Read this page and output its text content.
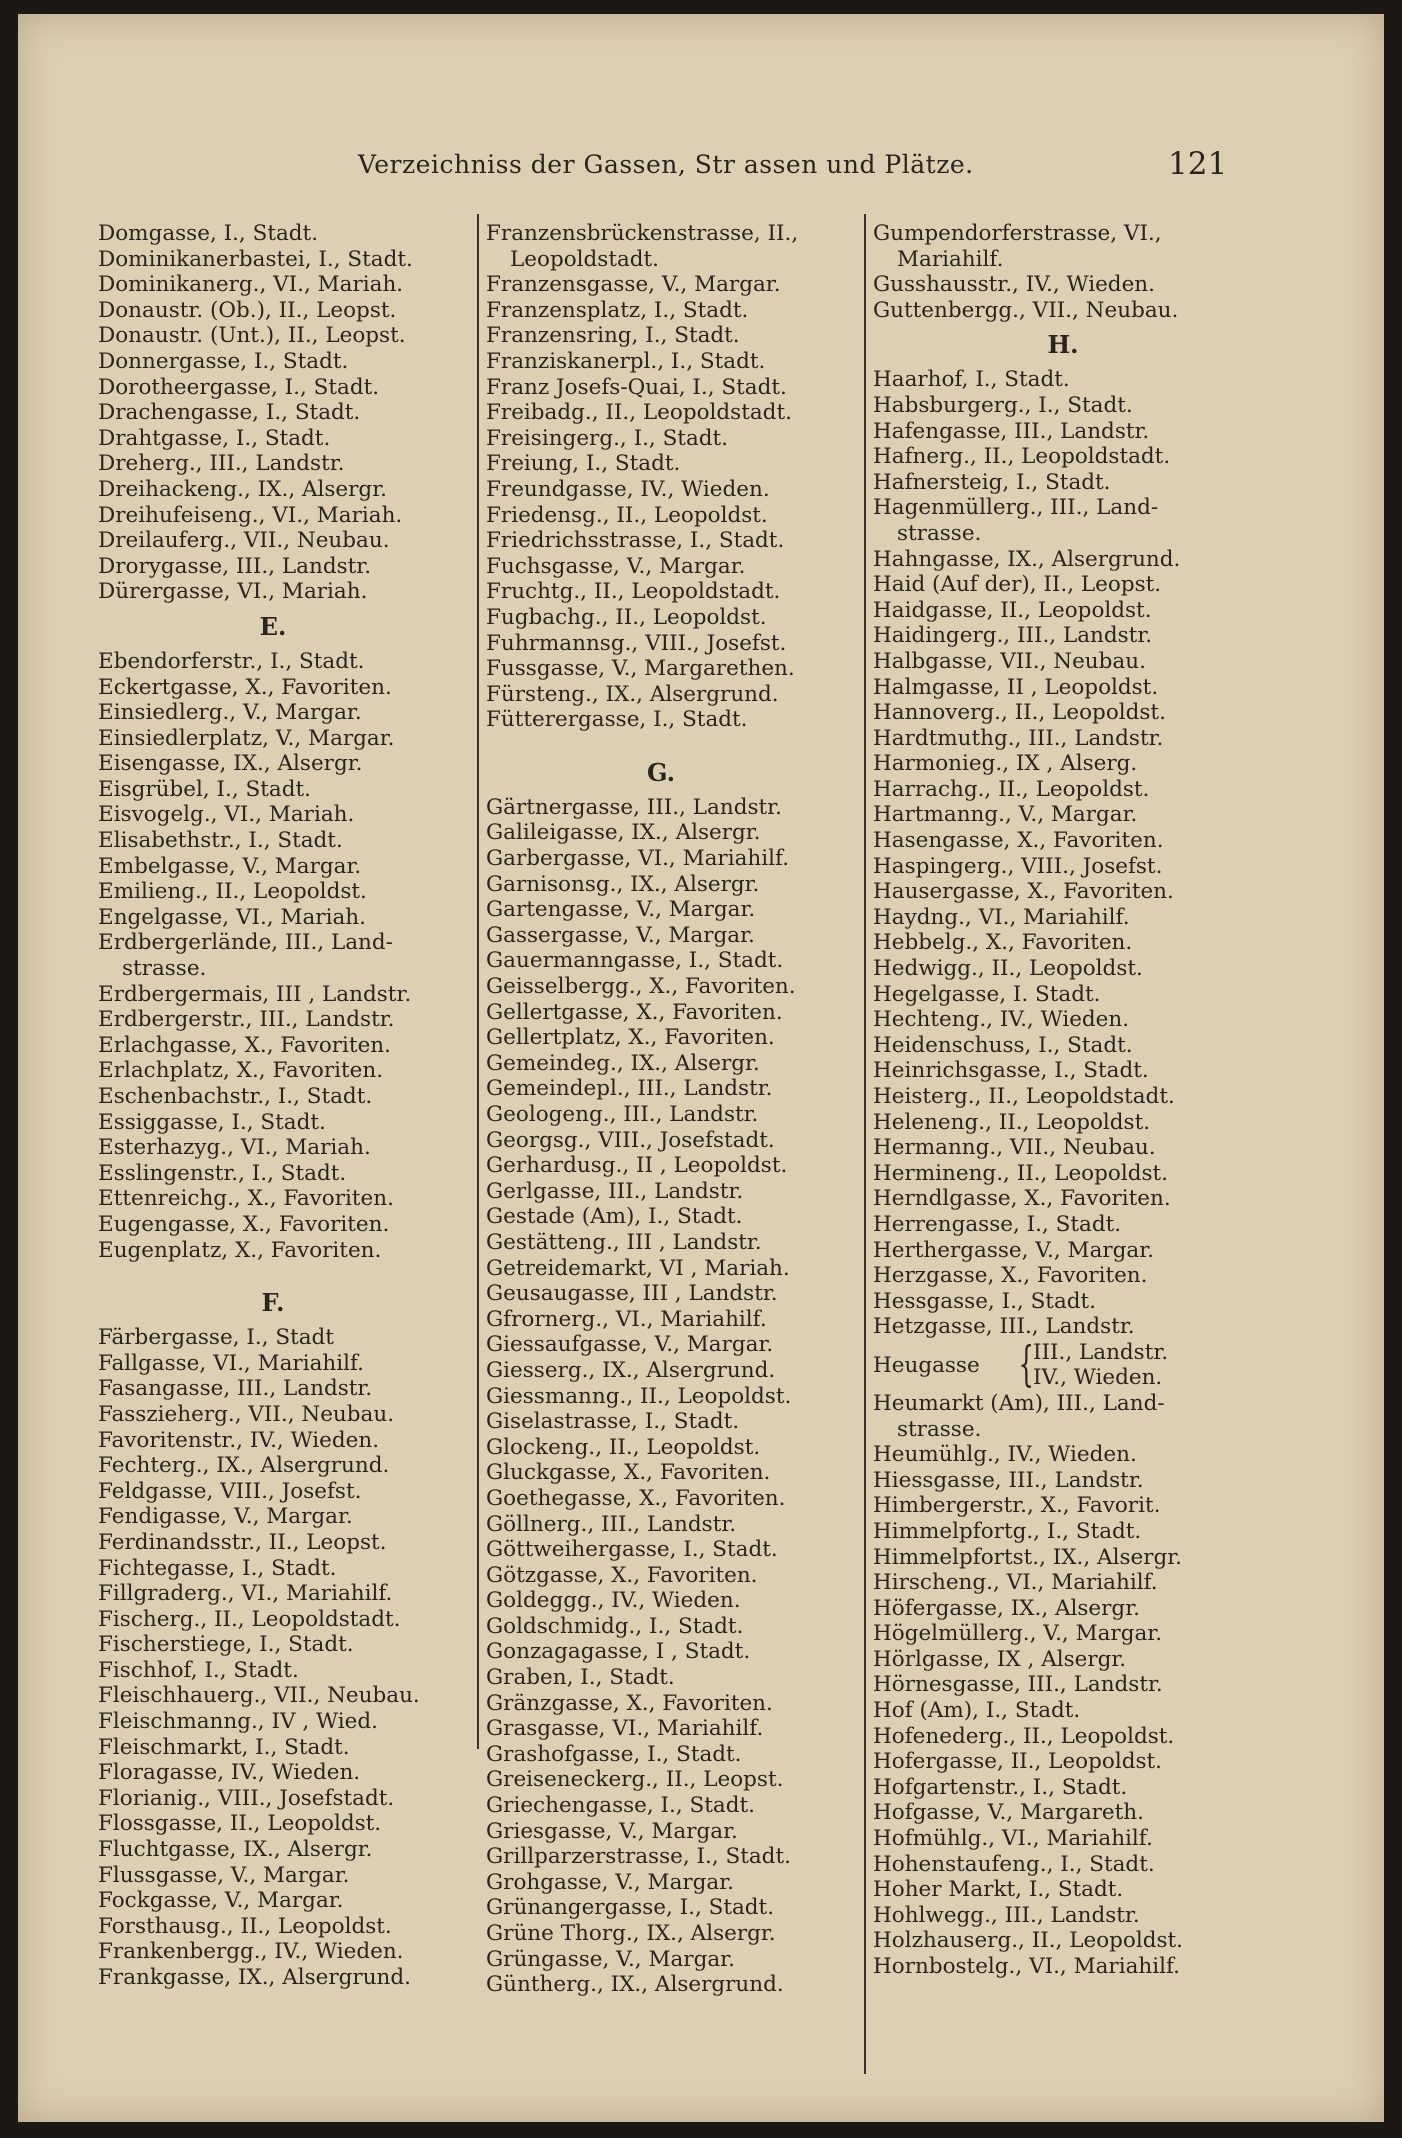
Verzeichniss der Gassen, Str assen und Plätze.	121
Domgasse, I., Stadt.
Dominikanerbastei, I., Stadt.
Dominikanerg., VI., Mariah.
Donaustr. (Ob.), II., Leopst.
Donaustr. (Unt.), II., Leopst.
Donnergasse, I., Stadt.
Dorotheergasse, I., Stadt.
Drachengasse, I., Stadt.
Drahtgasse, I., Stadt.
Dreherg., III., Landstr.
Dreihackeng., IX., Alsergr.
Dreihufeiseng., VI., Mariah.
Dreilauferg., VII., Neubau.
Drorygasse, III., Landstr.
Dürergasse, VI., Mariah.
E.
Ebendorferstr., I., Stadt.
Eckertgasse, X., Favoriten.
Einsiedlerg., V., Margar.
Einsiedlerplatz, V., Margar.
Eisengasse, IX., Alsergr.
Eisgrübel, I., Stadt.
Eisvogelg., VI., Mariah.
Elisabethstr., I., Stadt.
Embelgasse, V., Margar.
Emilieng., II., Leopoldst.
Engelgasse, VI., Mariah.
Erdbergerlände, III., Land-
strasse.
Erdbergermais, III , Landstr.
Erdbergerstr., III., Landstr.
Erlachgasse, X., Favoriten.
Erlachplatz, X., Favoriten.
Eschenbachstr., I., Stadt.
Essiggasse, I., Stadt.
Esterhazyg., VI., Mariah.
Esslingenstr., I., Stadt.
Ettenreichg., X., Favoriten.
Eugengasse, X., Favoriten.
Eugenplatz, X., Favoriten.
F.
Färbergasse, I., Stadt
Fallgasse, VI., Mariahilf.
Fasangasse, III., Landstr.
Fasszieherg., VII., Neubau.
Favoritenstr., IV., Wieden.
Fechterg., IX., Alsergrund.
Feldgasse, VIII., Josefst.
Fendigasse, V., Margar.
Ferdinandsstr., II., Leopst.
Fichtegasse, I., Stadt.
Fillgraderg., VI., Mariahilf.
Fischerg., II., Leopoldstadt.
Fischerstiege, I., Stadt.
Fischhof, I., Stadt.
Fleischhauerg., VII., Neubau.
Fleischmanng., IV , Wied.
Fleischmarkt, I., Stadt.
Floragasse, IV., Wieden.
Florianig., VIII., Josefstadt.
Flossgasse, II., Leopoldst.
Fluchtgasse, IX., Alsergr.
Flussgasse, V., Margar.
Fockgasse, V., Margar.
Forsthausg., II., Leopoldst.
Frankenbergg., IV., Wieden.
Frankgasse, IX., Alsergrund.
Franzensbrückenstrasse, II.,
Leopoldstadt.
Franzensgasse, V., Margar.
Franzensplatz, I., Stadt.
Franzensring, I., Stadt.
Franziskanerpl., I., Stadt.
Franz Josefs-Quai, I., Stadt.
Freibadg., II., Leopoldstadt.
Freisingerg., I., Stadt.
Freiung, I., Stadt.
Freundgasse, IV., Wieden.
Friedensg., II., Leopoldst.
Friedrichsstrasse, I., Stadt.
Fuchsgasse, V., Margar.
Fruchtg., II., Leopoldstadt.
Fugbachg., II., Leopoldst.
Fuhrmannsg., VIII., Josefst.
Fussgasse, V., Margarethen.
Fürsteng., IX., Alsergrund.
Fütterergasse, I., Stadt.
G.
Gärtnergasse, III., Landstr.
Galileigasse, IX., Alsergr.
Garbergasse, VI., Mariahilf.
Garnisonsg., IX., Alsergr.
Gartengasse, V., Margar.
Gassergasse, V., Margar.
Gauermanngasse, I., Stadt.
Geisselbergg., X., Favoriten.
Gellertgasse, X., Favoriten.
Gellertplatz, X., Favoriten.
Gemeindeg., IX., Alsergr.
Gemeindepl., III., Landstr.
Geologeng., III., Landstr.
Georgsg., VIII., Josefstadt.
Gerhardusg., II , Leopoldst.
Gerlgasse, III., Landstr.
Gestade (Am), I., Stadt.
Gestätteng., III , Landstr.
Getreidemarkt, VI , Mariah.
Geusaugasse, III , Landstr.
Gfrornerg., VI., Mariahilf.
Giessaufgasse, V., Margar.
Giesserg., IX., Alsergrund.
Giessmanng., II., Leopoldst.
Giselastrasse, I., Stadt.
Glockeng., II., Leopoldst.
Gluckgasse, X., Favoriten.
Goethegasse, X., Favoriten.
Göllnerg., III., Landstr.
Göttweihergasse, I., Stadt.
Götzgasse, X., Favoriten.
Goldeggg., IV., Wieden.
Goldschmidg., I., Stadt.
Gonzagagasse, I , Stadt.
Graben, I., Stadt.
Gränzgasse, X., Favoriten.
Grasgasse, VI., Mariahilf.
Grashofgasse, I., Stadt.
Greiseneckerg., II., Leopst.
Griechengasse, I., Stadt.
Griesgasse, V., Margar.
Grillparzerstrasse, I., Stadt.
Grohgasse, V., Margar.
Grünangergasse, I., Stadt.
Grüne Thorg., IX., Alsergr.
Grüngasse, V., Margar.
Güntherg., IX., Alsergrund.
Gumpendorferstrasse, VI.,
Mariahilf.
Gusshausstr., IV., Wieden.
Guttenbergg., VII., Neubau.
H.
Haarhof, I., Stadt.
Habsburgerg., I., Stadt.
Hafengasse, III., Landstr.
Hafnerg., II., Leopoldstadt.
Hafnersteig, I., Stadt.
Hagenmüllerg., III., Land-
strasse.
Hahngasse, IX., Alsergrund.
Haid (Auf der), II., Leopst.
Haidgasse, II., Leopoldst.
Haidingerg., III., Landstr.
Halbgasse, VII., Neubau.
Halmgasse, II , Leopoldst.
Hannoverg., II., Leopoldst.
Hardtmuthg., III., Landstr.
Harmonieg., IX , Alserg.
Harrachg., II., Leopoldst.
Hartmanng., V., Margar.
Hasengasse, X., Favoriten.
Haspingerg., VIII., Josefst.
Hausergasse, X., Favoriten.
Haydng., VI., Mariahilf.
Hebbelg., X., Favoriten.
Hedwigg., II., Leopoldst.
Hegelgasse, I. Stadt.
Hechteng., IV., Wieden.
Heidenschuss, I., Stadt.
Heinrichsgasse, I., Stadt.
Heisterg., II., Leopoldstadt.
Heleneng., II., Leopoldst.
Hermanng., VII., Neubau.
Hermineng., II., Leopoldst.
Herndlgasse, X., Favoriten.
Herrengasse, I., Stadt.
Herthergasse, V., Margar.
Herzgasse, X., Favoriten.
Hessgasse, I., Stadt.
Hetzgasse, III., Landstr.
Heugasse { III., Landstr.
IV., Wieden.
Heumarkt (Am), III., Land-
strasse.
Heumühlg., IV., Wieden.
Hiessgasse, III., Landstr.
Himbergerstr., X., Favorit.
Himmelpfortg., I., Stadt.
Himmelpfortst., IX., Alsergr.
Hirscheng., VI., Mariahilf.
Höfergasse, IX., Alsergr.
Högelmüllerg., V., Margar.
Hörlgasse, IX , Alsergr.
Hörnesgasse, III., Landstr.
Hof (Am), I., Stadt.
Hofenederg., II., Leopoldst.
Hofergasse, II., Leopoldst.
Hofgartenstr., I., Stadt.
Hofgasse, V., Margareth.
Hofmühlg., VI., Mariahilf.
Hohenstaufeng., I., Stadt.
Hoher Markt, I., Stadt.
Hohlwegg., III., Landstr.
Holzhauserg., II., Leopoldst.
Hornbostelg., VI., Mariahilf.
